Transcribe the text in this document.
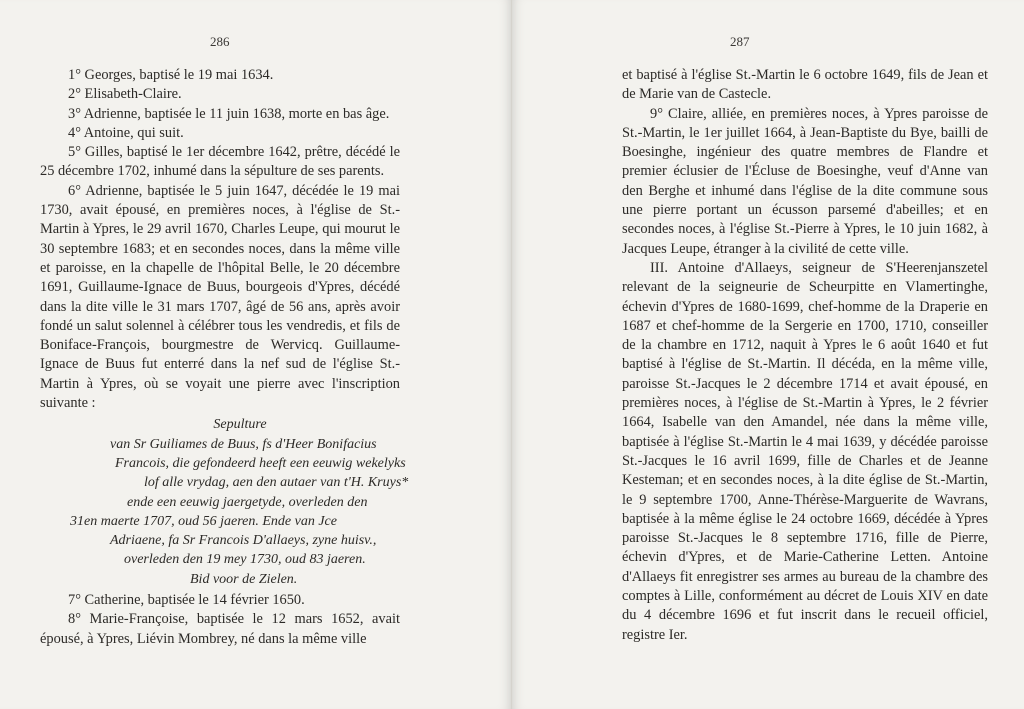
286

1° Georges, baptisé le 19 mai 1634.

2° Elisabeth-Claire.

3° Adrienne, baptisée le 11 juin 1638, morte en bas âge.

4° Antoine, qui suit.

5° Gilles, baptisé le 1er décembre 1642, prêtre, décédé le 25 décembre 1702, inhumé dans la sépulture de ses parents.

6° Adrienne, baptisée le 5 juin 1647, décédée le 19 mai 1730, avait épousé, en premières noces, à l'église de St.-Martin à Ypres, le 29 avril 1670, Charles Leupe, qui mourut le 30 septembre 1683; et en secondes noces, dans la même ville et paroisse, en la chapelle de l'hôpital Belle, le 20 décembre 1691, Guillaume-Ignace de Buus, bourgeois d'Ypres, décédé dans la dite ville le 31 mars 1707, âgé de 56 ans, après avoir fondé un salut solennel à célébrer tous les vendredis, et fils de Boniface-François, bourgmestre de Wervicq. Guillaume-Ignace de Buus fut enterré dans la nef sud de l'église St.-Martin à Ypres, où se voyait une pierre avec l'inscription suivante :

Sepulture
van Sr Guiliames de Buus, fs d'Heer Bonifacius
Francois, die gefondeerd heeft een eeuwig wekelyks
lof alle vrydag, aen den autaer van t'H. Kruys*
ende een eeuwig jaergetyde, overleden den
31en maerte 1707, oud 56 jaeren. Ende van Jce
Adriaene, fa Sr Francois D'allaeys, zyne huisv.,
overleden den 19 mey 1730, oud 83 jaeren.
Bid voor de Zielen.

7° Catherine, baptisée le 14 février 1650.

8° Marie-Françoise, baptisée le 12 mars 1652, avait épousé, à Ypres, Liévin Mombrey, né dans la même ville

287

et baptisé à l'église St.-Martin le 6 octobre 1649, fils de Jean et de Marie van de Castecle.

9° Claire, alliée, en premières noces, à Ypres paroisse de St.-Martin, le 1er juillet 1664, à Jean-Baptiste du Bye, bailli de Boesinghe, ingénieur des quatre membres de Flandre et premier éclusier de l'Écluse de Boesinghe, veuf d'Anne van den Berghe et inhumé dans l'église de la dite commune sous une pierre portant un écusson parsemé d'abeilles; et en secondes noces, à l'église St.-Pierre à Ypres, le 10 juin 1682, à Jacques Leupe, étranger à la civilité de cette ville.

III. Antoine d'Allaeys, seigneur de S'Heerenjanszetel relevant de la seigneurie de Scheurpitte en Vlamertinghe, échevin d'Ypres de 1680-1699, chef-homme de la Draperie en 1687 et chef-homme de la Sergerie en 1700, 1710, conseiller de la chambre en 1712, naquit à Ypres le 6 août 1640 et fut baptisé à l'église de St.-Martin. Il décéda, en la même ville, paroisse St.-Jacques le 2 décembre 1714 et avait épousé, en premières noces, à l'église de St.-Martin à Ypres, le 2 février 1664, Isabelle van den Amandel, née dans la même ville, baptisée à l'église St.-Martin le 4 mai 1639, y décédée paroisse St.-Jacques le 16 avril 1699, fille de Charles et de Jeanne Kesteman; et en secondes noces, à la dite église de St.-Martin, le 9 septembre 1700, Anne-Thérèse-Marguerite de Wavrans, baptisée à la même église le 24 octobre 1669, décédée à Ypres paroisse St.-Jacques le 8 septembre 1716, fille de Pierre, échevin d'Ypres, et de Marie-Catherine Letten. Antoine d'Allaeys fit enregistrer ses armes au bureau de la chambre des comptes à Lille, conformément au décret de Louis XIV en date du 4 décembre 1696 et fut inscrit dans le recueil officiel, registre Ier.
